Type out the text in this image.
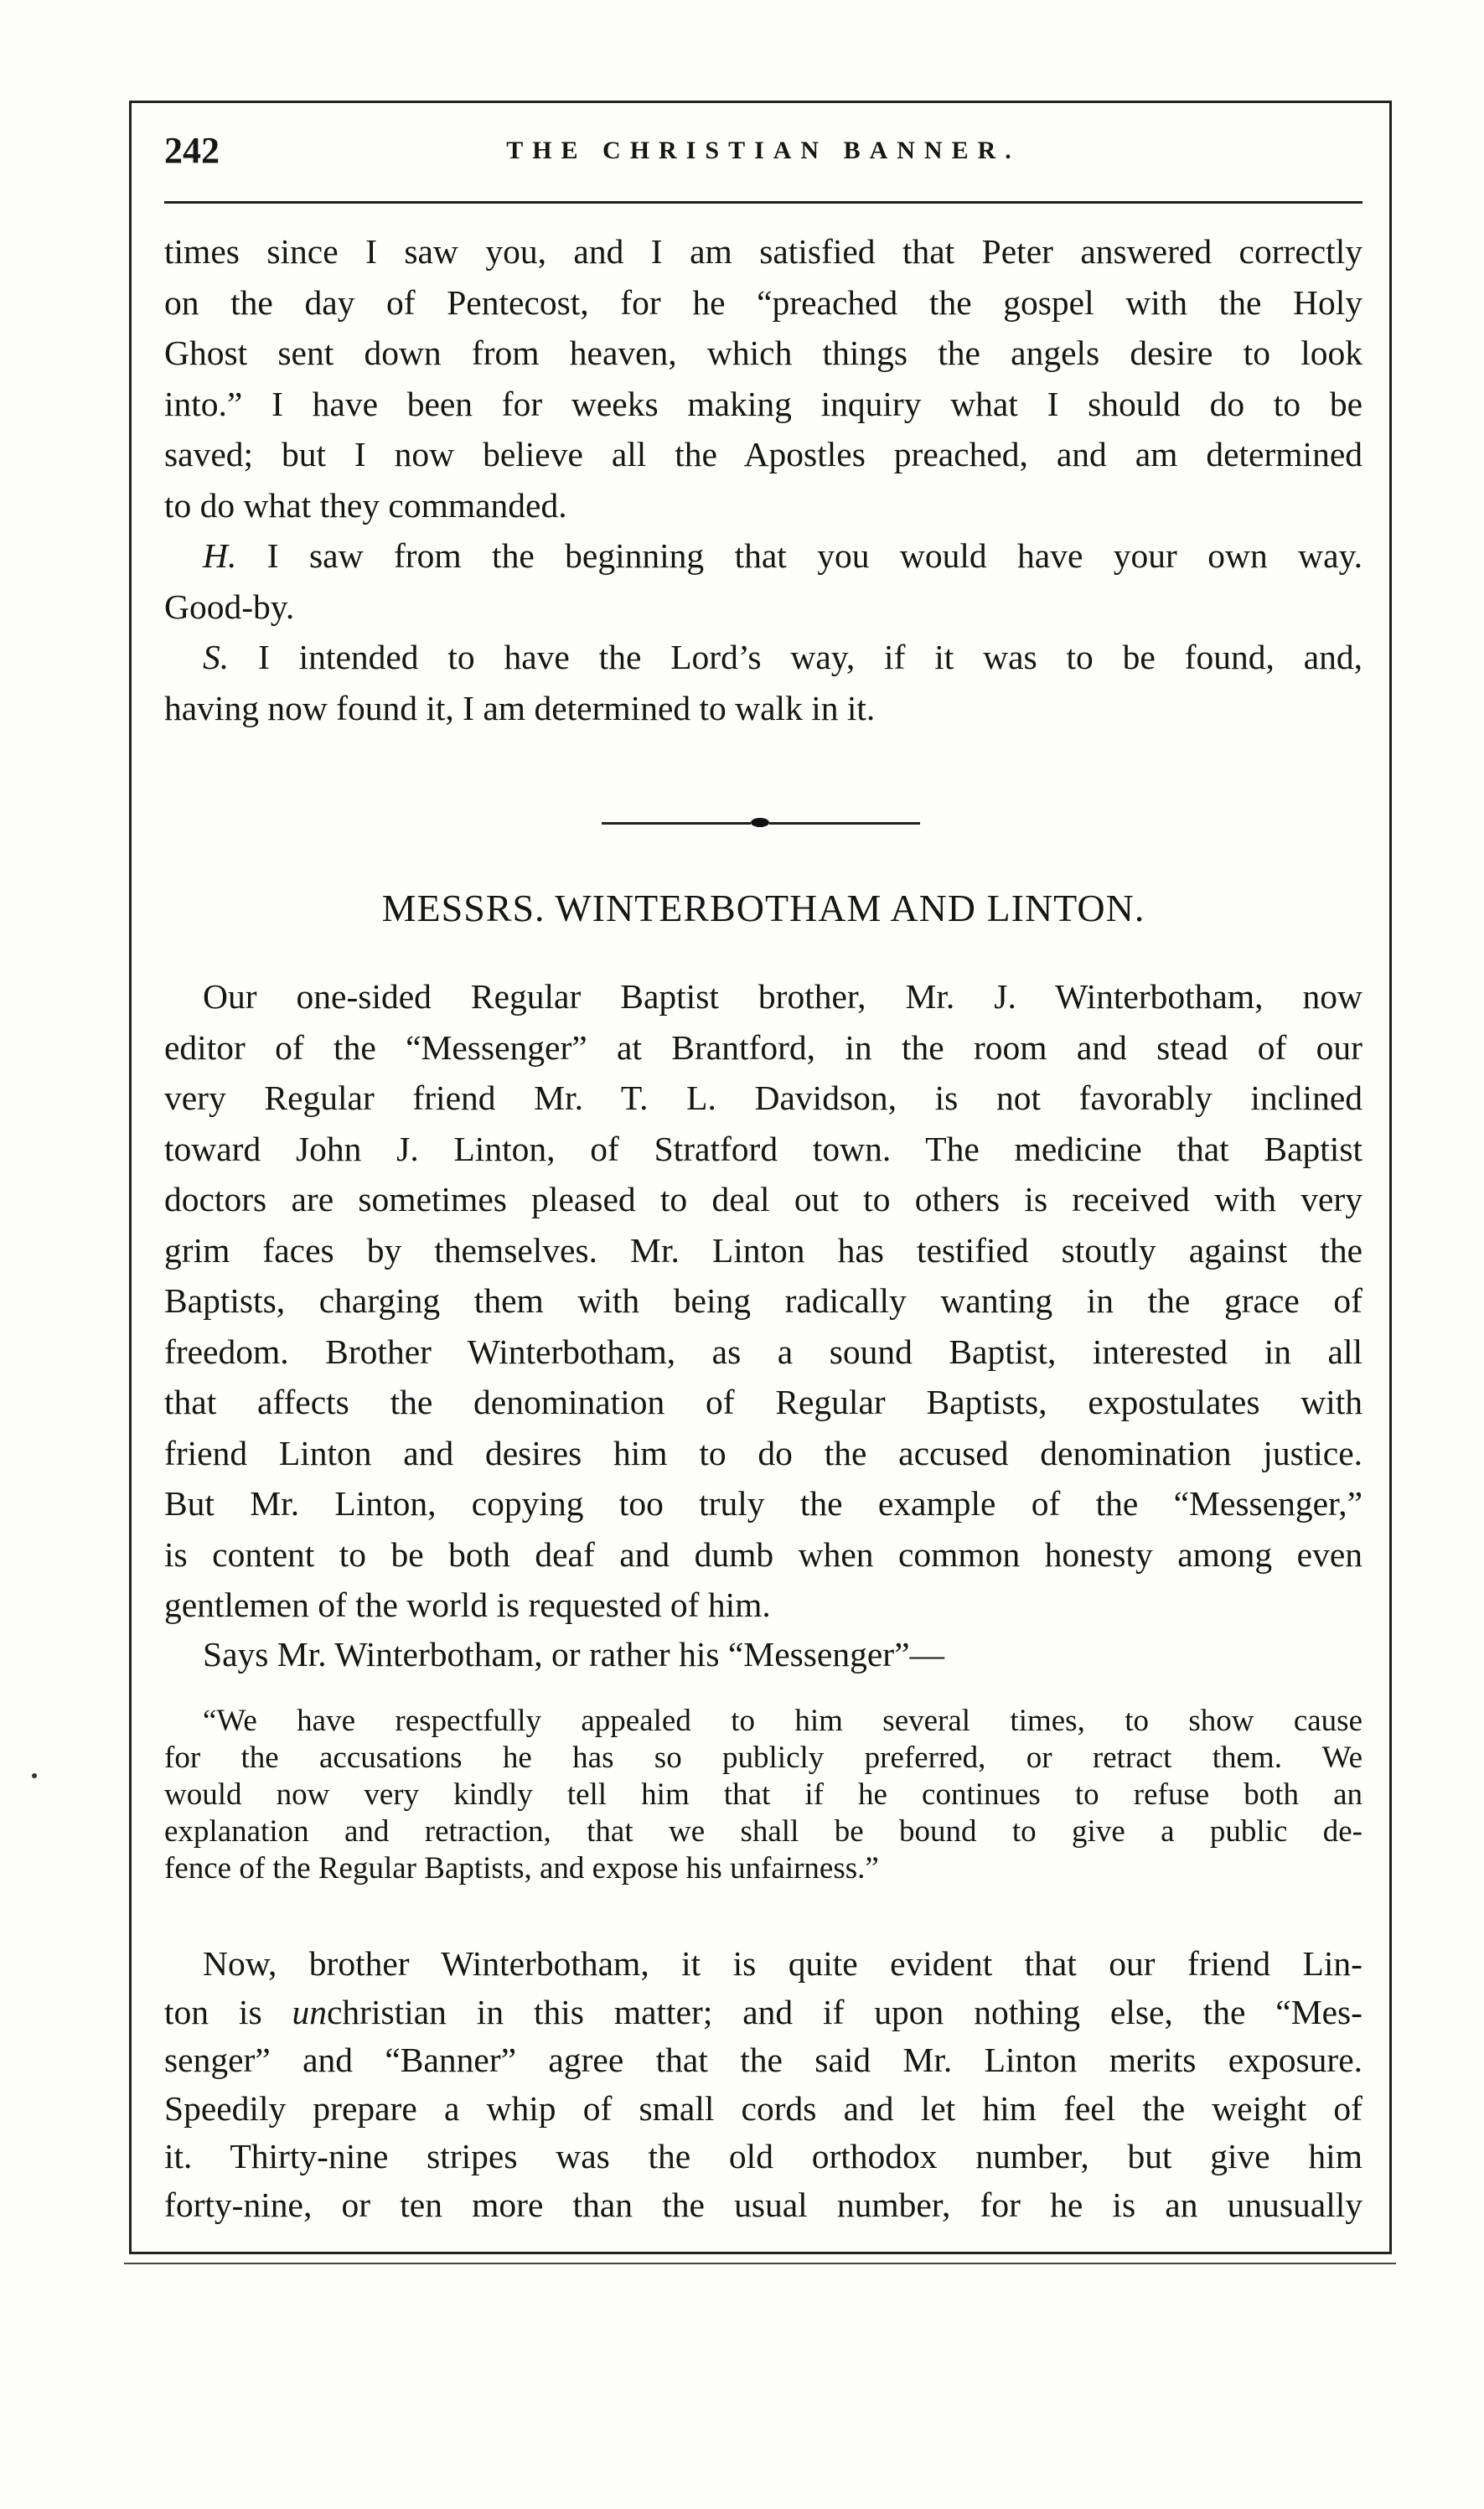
242	THE CHRISTIAN BANNER.
times since I saw you, and I am satisfied that Peter answered correctly
on the day of Pentecost, for he “preached the gospel with the Holy
Ghost sent down from heaven, which things the angels desire to look
into.” I have been for weeks making inquiry what I should do to be
saved; but I now believe all the Apostles preached, and am determined
to do what they commanded.
H. I saw from the beginning that you would have your own way.
Good-by.
S. I intended to have the Lord’s way, if it was to be found, and,
having now found it, I am determined to walk in it.
MESSRS. WINTERBOTHAM AND LINTON.
Our one-sided Regular Baptist brother, Mr. J. Winterbotham, now
editor of the “Messenger” at Brantford, in the room and stead of our
very Regular friend Mr. T. L. Davidson, is not favorably inclined
toward John J. Linton, of Stratford town. The medicine that Baptist
doctors are sometimes pleased to deal out to others is received with very
grim faces by themselves. Mr. Linton has testified stoutly against the
Baptists, charging them with being radically wanting in the grace of
freedom. Brother Winterbotham, as a sound Baptist, interested in all
that affects the denomination of Regular Baptists, expostulates with
friend Linton and desires him to do the accused denomination justice.
But Mr. Linton, copying too truly the example of the “Messenger,”
is content to be both deaf and dumb when common honesty among even
gentlemen of the world is requested of him.
Says Mr. Winterbotham, or rather his “Messenger”—
“We have respectfully appealed to him several times, to show cause
for the accusations he has so publicly preferred, or retract them. We
would now very kindly tell him that if he continues to refuse both an
explanation and retraction, that we shall be bound to give a public de-
fence of the Regular Baptists, and expose his unfairness.”
Now, brother Winterbotham, it is quite evident that our friend Lin-
ton is unchristian in this matter; and if upon nothing else, the “Mes-
senger” and “Banner” agree that the said Mr. Linton merits exposure.
Speedily prepare a whip of small cords and let him feel the weight of
it. Thirty-nine stripes was the old orthodox number, but give him
forty-nine, or ten more than the usual number, for he is an unusually
